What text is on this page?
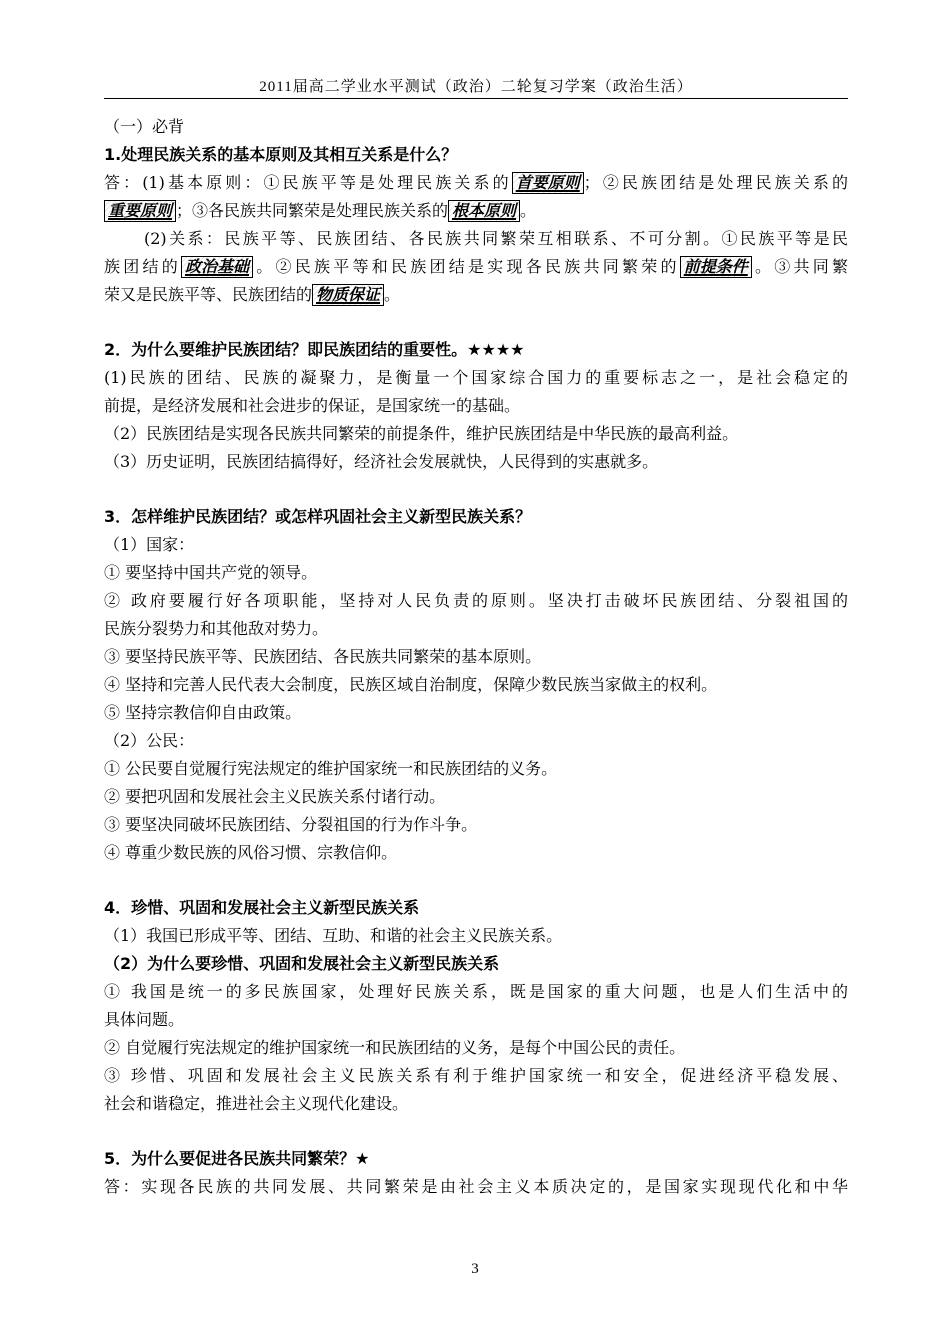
2011届高二学业水平测试（政治）二轮复习学案（政治生活）
（一）必背
1.处理民族关系的基本原则及其相互关系是什么？
答：(1)基本原则：①民族平等是处理民族关系的 首要原则 ；②民族团结是处理民族关系的
重要原则 ；③各民族共同繁荣是处理民族关系的 根本原则 。
(2)关系：民族平等、民族团结、各民族共同繁荣互相联系、不可分割。①民族平等是民
族团结的 政治基础 。②民族平等和民族团结是实现各民族共同繁荣的 前提条件 。③共同繁
荣又是民族平等、民族团结的 物质保证 。
2．为什么要维护民族团结？即民族团结的重要性。★★★★
(1)民族的团结、民族的凝聚力，是衡量一个国家综合国力的重要标志之一，是社会稳定的
前提，是经济发展和社会进步的保证，是国家统一的基础。
（2）民族团结是实现各民族共同繁荣的前提条件，维护民族团结是中华民族的最高利益。
（3）历史证明，民族团结搞得好，经济社会发展就快，人民得到的实惠就多。
3．怎样维护民族团结？或怎样巩固社会主义新型民族关系？
（1）国家：
① 要坚持中国共产党的领导。
② 政府要履行好各项职能，坚持对人民负责的原则。坚决打击破坏民族团结、分裂祖国的
民族分裂势力和其他敌对势力。
③ 要坚持民族平等、民族团结、各民族共同繁荣的基本原则。
④ 坚持和完善人民代表大会制度，民族区域自治制度，保障少数民族当家做主的权利。
⑤ 坚持宗教信仰自由政策。
（2）公民：
① 公民要自觉履行宪法规定的维护国家统一和民族团结的义务。
② 要把巩固和发展社会主义民族关系付诸行动。
③ 要坚决同破坏民族团结、分裂祖国的行为作斗争。
④ 尊重少数民族的风俗习惯、宗教信仰。
4．珍惜、巩固和发展社会主义新型民族关系
（1）我国已形成平等、团结、互助、和谐的社会主义民族关系。
（2）为什么要珍惜、巩固和发展社会主义新型民族关系
① 我国是统一的多民族国家，处理好民族关系，既是国家的重大问题，也是人们生活中的
具体问题。
② 自觉履行宪法规定的维护国家统一和民族团结的义务，是每个中国公民的责任。
③ 珍惜、巩固和发展社会主义民族关系有利于维护国家统一和安全，促进经济平稳发展、
社会和谐稳定，推进社会主义现代化建设。
5．为什么要促进各民族共同繁荣？★
答：实现各民族的共同发展、共同繁荣是由社会主义本质决定的，是国家实现现代化和中华
3
